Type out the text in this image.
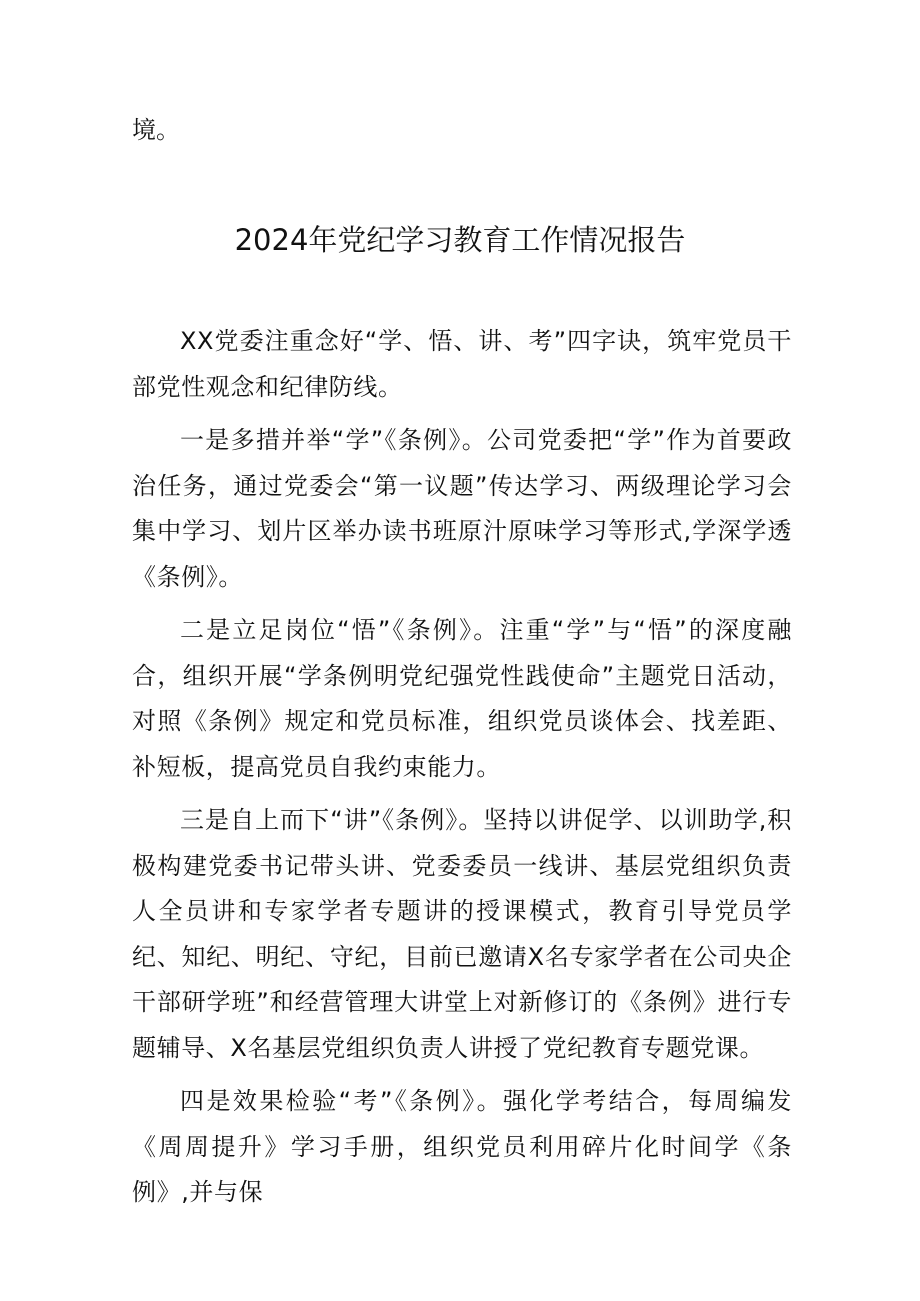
境。

2024年党纪学习教育工作情况报告

XX党委注重念好“学、悟、讲、考”四字诀，筑牢党员干部党性观念和纪律防线。

一是多措并举“学”《条例》。公司党委把“学”作为首要政治任务，通过党委会“第一议题”传达学习、两级理论学习会集中学习、划片区举办读书班原汁原味学习等形式,学深学透《条例》。

二是立足岗位“悟”《条例》。注重“学”与“悟”的深度融合，组织开展“学条例明党纪强党性践使命”主题党日活动，对照《条例》规定和党员标准，组织党员谈体会、找差距、补短板，提高党员自我约束能力。

三是自上而下“讲”《条例》。坚持以讲促学、以训助学,积极构建党委书记带头讲、党委委员一线讲、基层党组织负责人全员讲和专家学者专题讲的授课模式，教育引导党员学纪、知纪、明纪、守纪，目前已邀请X名专家学者在公司央企干部研学班”和经营管理大讲堂上对新修订的《条例》进行专题辅导、X名基层党组织负责人讲授了党纪教育专题党课。

四是效果检验“考”《条例》。强化学考结合，每周编发《周周提升》学习手册，组织党员利用碎片化时间学《条例》,并与保
